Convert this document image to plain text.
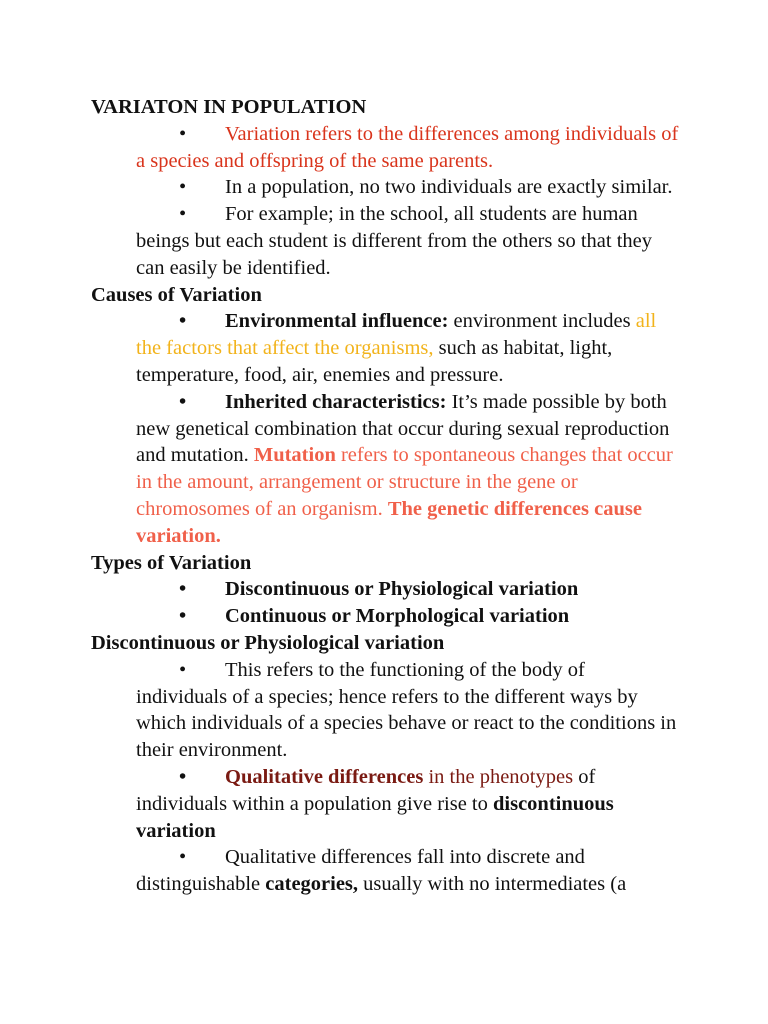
VARIATON IN POPULATION

• Variation refers to the differences among individuals of a species and offspring of the same parents.

• In a population, no two individuals are exactly similar.

• For example; in the school, all students are human beings but each student is different from the others so that they can easily be identified.

Causes of Variation

• Environmental influence: environment includes all the factors that affect the organisms, such as habitat, light, temperature, food, air, enemies and pressure.

• Inherited characteristics: It’s made possible by both new genetical combination that occur during sexual reproduction and mutation. Mutation refers to spontaneous changes that occur in the amount, arrangement or structure in the gene or chromosomes of an organism. The genetic differences cause variation.

Types of Variation

• Discontinuous or Physiological variation

• Continuous or Morphological variation

Discontinuous or Physiological variation

• This refers to the functioning of the body of individuals of a species; hence refers to the different ways by which individuals of a species behave or react to the conditions in their environment.

• Qualitative differences in the phenotypes of individuals within a population give rise to discontinuous variation

• Qualitative differences fall into discrete and distinguishable categories, usually with no intermediates (a
